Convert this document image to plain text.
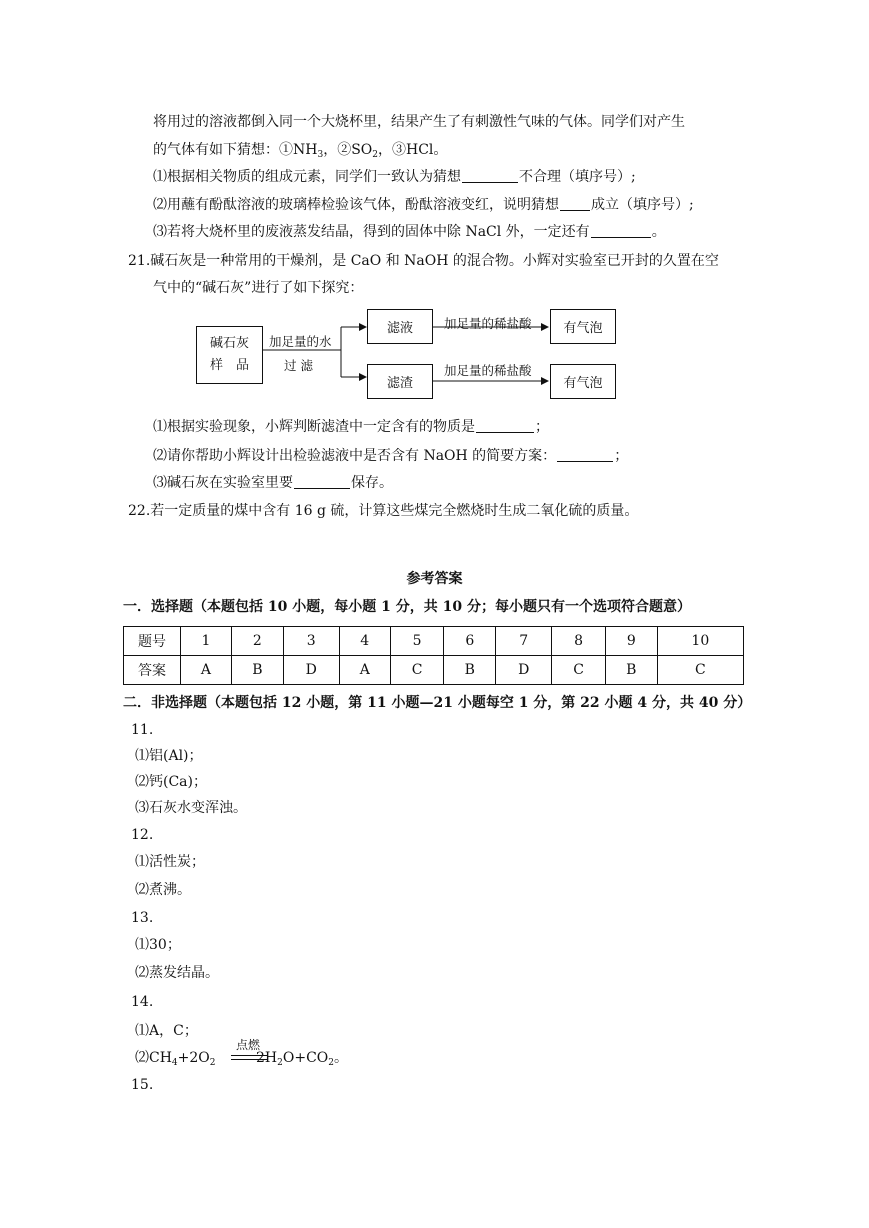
将用过的溶液都倒入同一个大烧杯里，结果产生了有刺激性气味的气体。同学们对产生
的气体有如下猜想：$①NH_3$，$②SO_2$，③HCl。
⑴根据相关物质的组成元素，同学们一致认为猜想	不合理（填序号）;
⑵用蘸有酚酞溶液的玻璃棒检验该气体，酚酞溶液变红，说明猜想 成立（填序号）;
⑶若将大烧杯里的废液蒸发结晶，得到的固体中除 NaCl 外，一定还有	。
21.碱石灰是一种常用的干燥剂，是 CaO 和 NaOH 的混合物。小辉对实验室已开封的久置在空
气中的“碱石灰”进行了如下探究：
碱石灰
样　品
加足量的水
过 滤
滤液
滤渣
加足量的稀盐酸
加足量的稀盐酸
有气泡
有气泡
⑴根据实验现象，小辉判断滤渣中一定含有的物质是	；
⑵请你帮助小辉设计出检验滤液中是否含有 NaOH 的简要方案：	；
⑶碱石灰在实验室里要	保存。
22.若一定质量的煤中含有 16 g 硫，计算这些煤完全燃烧时生成二氧化硫的质量。
参考答案
一．选择题（本题包括 10 小题，每小题 1 分，共 10 分；每小题只有一个选项符合题意）
题号	1	2	3	4	5	6	7	8	9	10
答案	A	B	D	A	C	B	D	C	B	C
二．非选择题（本题包括 12 小题，第 11 小题—21 小题每空 1 分，第 22 小题 4 分，共 40 分）
11.
⑴铝(Al)；
⑵钙(Ca)；
⑶石灰水变浑浊。
12.
⑴活性炭；
⑵煮沸。
13.
⑴30；
⑵蒸发结晶。
14.
⑴A，C；
$⑵CH_4+2O_2$
点燃
$2H_2O+CO_2$。
15.
